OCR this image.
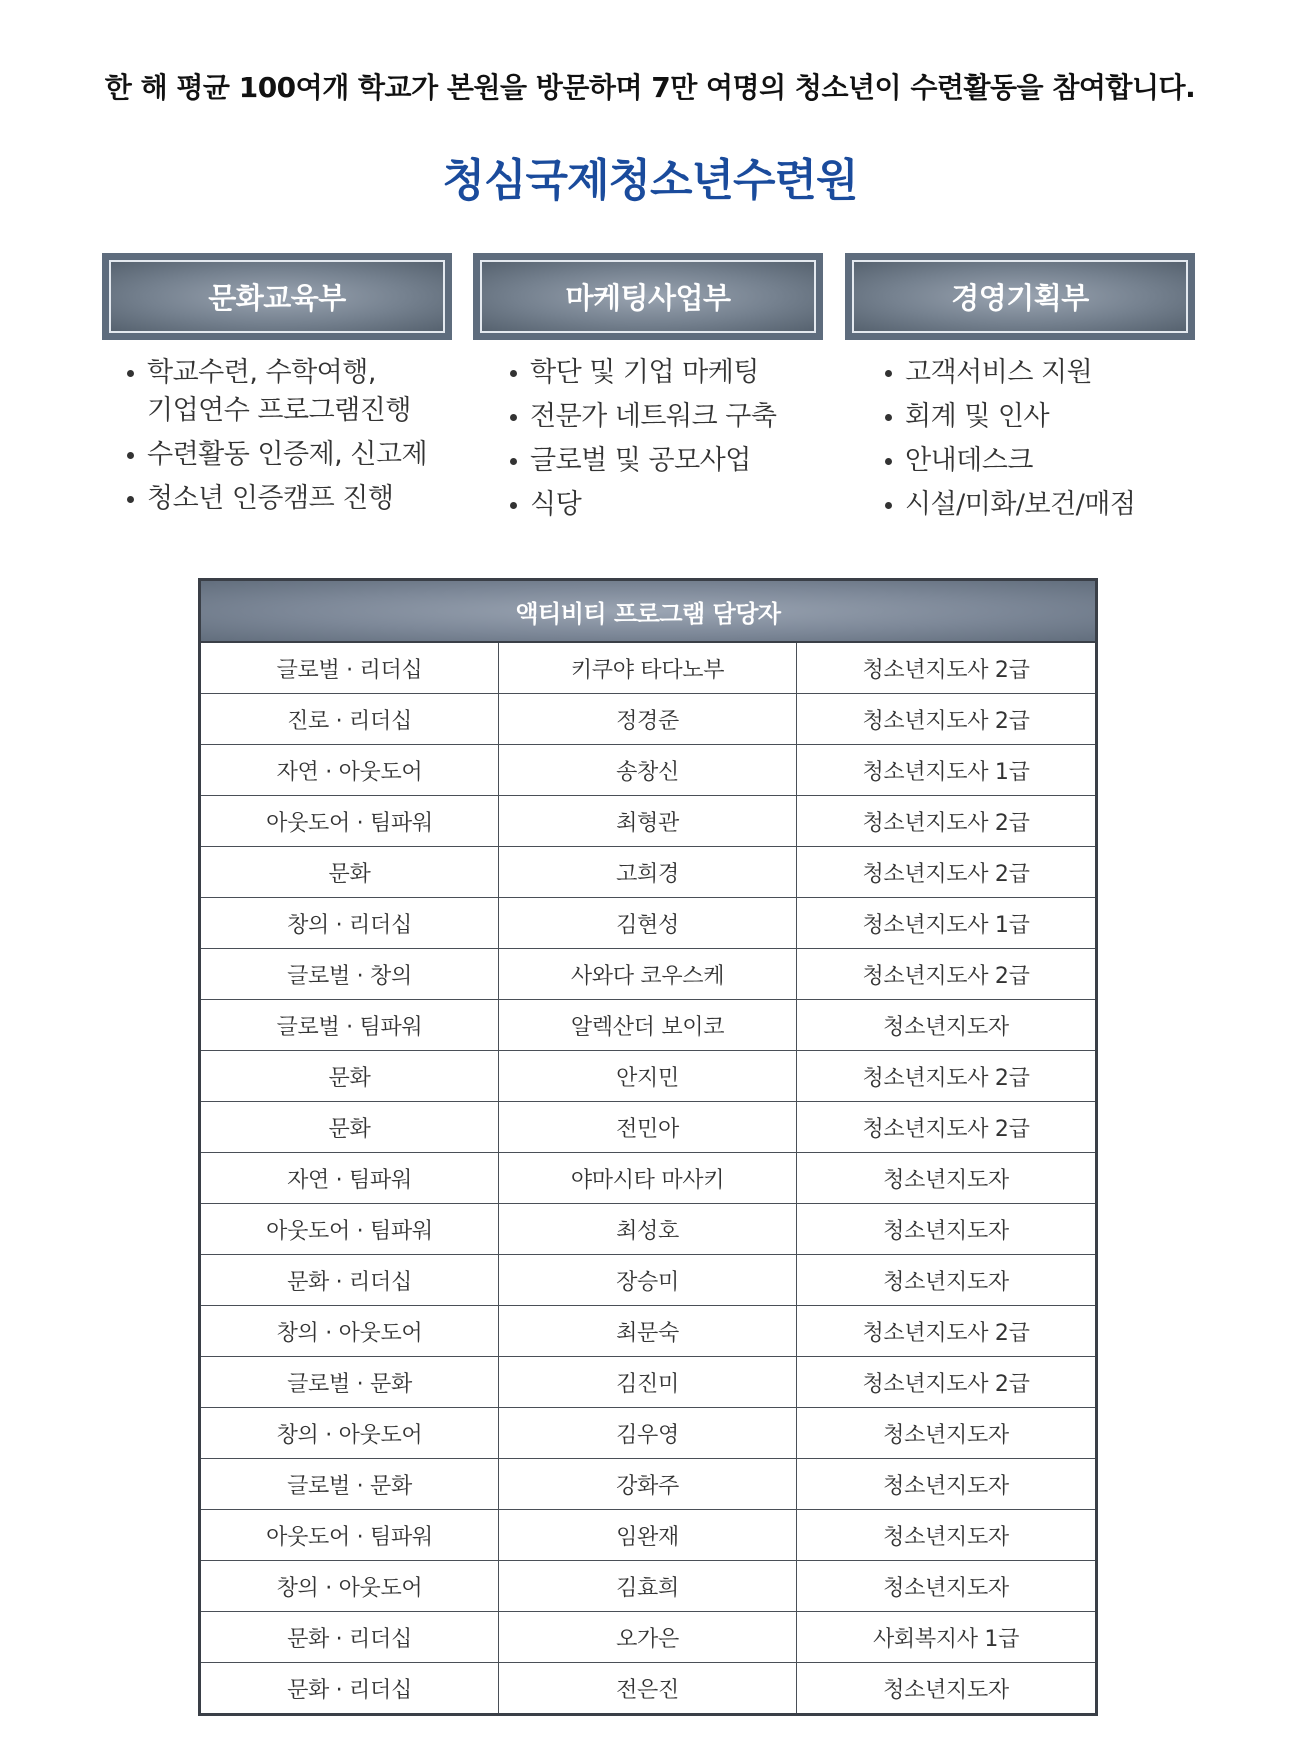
한 해 평균 100여개 학교가 본원을 방문하며 7만 여명의 청소년이 수련활동을 참여합니다.
청심국제청소년수련원
문화교육부
학교수련, 수학여행,
기업연수 프로그램진행
수련활동 인증제, 신고제
청소년 인증캠프 진행
마케팅사업부
학단 및 기업 마케팅
전문가 네트워크 구축
글로벌 및 공모사업
식당
경영기획부
고객서비스 지원
회계 및 인사
안내데스크
시설/미화/보건/매점
액티비티 프로그램 담당자
글로벌 · 리더십	키쿠야 타다노부	청소년지도사 2급
진로 · 리더십	정경준	청소년지도사 2급
자연 · 아웃도어	송창신	청소년지도사 1급
아웃도어 · 팀파워	최형관	청소년지도사 2급
문화	고희경	청소년지도사 2급
창의 · 리더십	김현성	청소년지도사 1급
글로벌 · 창의	사와다 코우스케	청소년지도사 2급
글로벌 · 팀파워	알렉산더 보이코	청소년지도자
문화	안지민	청소년지도사 2급
문화	전민아	청소년지도사 2급
자연 · 팀파워	야마시타 마사키	청소년지도자
아웃도어 · 팀파워	최성호	청소년지도자
문화 · 리더십	장승미	청소년지도자
창의 · 아웃도어	최문숙	청소년지도사 2급
글로벌 · 문화	김진미	청소년지도사 2급
창의 · 아웃도어	김우영	청소년지도자
글로벌 · 문화	강화주	청소년지도자
아웃도어 · 팀파워	임완재	청소년지도자
창의 · 아웃도어	김효희	청소년지도자
문화 · 리더십	오가은	사회복지사 1급
문화 · 리더십	전은진	청소년지도자
